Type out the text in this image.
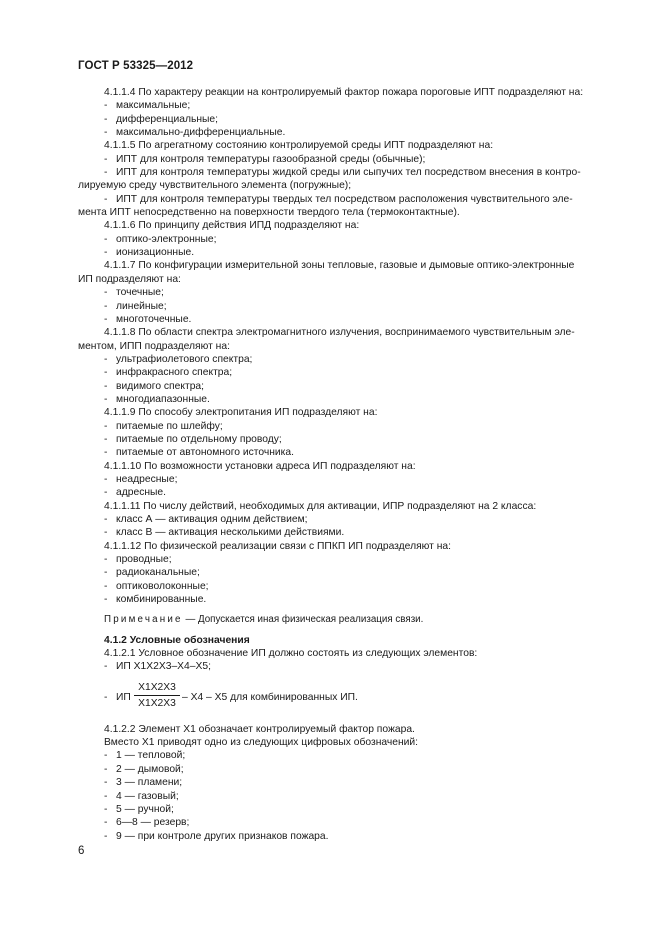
ГОСТ Р 53325—2012
4.1.1.4 По характеру реакции на контролируемый фактор пожара пороговые ИПТ подразделяют на:
- максимальные;
- дифференциальные;
- максимально-дифференциальные.
4.1.1.5 По агрегатному состоянию контролируемой среды ИПТ подразделяют на:
- ИПТ для контроля температуры газообразной среды (обычные);
- ИПТ для контроля температуры жидкой среды или сыпучих тел посредством внесения в контро-
лируемую среду чувствительного элемента (погружные);
- ИПТ для контроля температуры твердых тел посредством расположения чувствительного эле-
мента ИПТ непосредственно на поверхности твердого тела (термоконтактные).
4.1.1.6 По принципу действия ИПД подразделяют на:
- оптико-электронные;
- ионизационные.
4.1.1.7 По конфигурации измерительной зоны тепловые, газовые и дымовые оптико-электронные
ИП подразделяют на:
- точечные;
- линейные;
- многоточечные.
4.1.1.8 По области спектра электромагнитного излучения, воспринимаемого чувствительным эле-
ментом, ИПП подразделяют на:
- ультрафиолетового спектра;
- инфракрасного спектра;
- видимого спектра;
- многодиапазонные.
4.1.1.9 По способу электропитания ИП подразделяют на:
- питаемые по шлейфу;
- питаемые по отдельному проводу;
- питаемые от автономного источника.
4.1.1.10 По возможности установки адреса ИП подразделяют на:
- неадресные;
- адресные.
4.1.1.11 По числу действий, необходимых для активации, ИПР подразделяют на 2 класса:
- класс А — активация одним действием;
- класс В — активация несколькими действиями.
4.1.1.12 По физической реализации связи с ППКП ИП подразделяют на:
- проводные;
- радиоканальные;
- оптиковолоконные;
- комбинированные.
Примечание — Допускается иная физическая реализация связи.
4.1.2 Условные обозначения
4.1.2.1 Условное обозначение ИП должно состоять из следующих элементов:
- ИП Х1Х2Х3–Х4–Х5;
- ИП
Х1Х2Х3
Х1Х2Х3
– Х4 – Х5 для комбинированных ИП.
4.1.2.2 Элемент Х1 обозначает контролируемый фактор пожара.
Вместо Х1 приводят одно из следующих цифровых обозначений:
- 1 — тепловой;
- 2 — дымовой;
- 3 — пламени;
- 4 — газовый;
- 5 — ручной;
- 6—8 — резерв;
- 9 — при контроле других признаков пожара.
6
